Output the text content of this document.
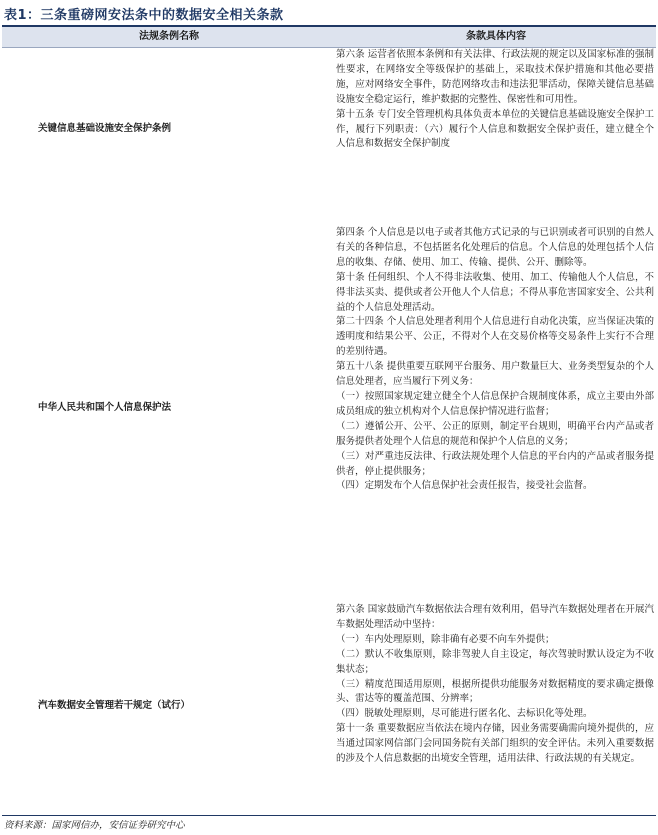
表1：三条重磅网安法条中的数据安全相关条款
法规条例名称	条款具体内容
关键信息基础设施安全保护条例

第六条 运营者依照本条例和有关法律、行政法规的规定以及国家标准的强制性要求，在网络安全等级保护的基础上，采取技术保护措施和其他必要措施，应对网络安全事件，防范网络攻击和违法犯罪活动，保障关键信息基础设施安全稳定运行，维护数据的完整性、保密性和可用性。

第十五条 专门安全管理机构具体负责本单位的关键信息基础设施安全保护工作，履行下列职责：（六）履行个人信息和数据安全保护责任，建立健全个人信息和数据安全保护制度

中华人民共和国个人信息保护法

第四条 个人信息是以电子或者其他方式记录的与已识别或者可识别的自然人有关的各种信息，不包括匿名化处理后的信息。个人信息的处理包括个人信息的收集、存储、使用、加工、传输、提供、公开、删除等。

第十条 任何组织、个人不得非法收集、使用、加工、传输他人个人信息，不得非法买卖、提供或者公开他人个人信息；不得从事危害国家安全、公共利益的个人信息处理活动。

第二十四条 个人信息处理者利用个人信息进行自动化决策，应当保证决策的透明度和结果公平、公正，不得对个人在交易价格等交易条件上实行不合理的差别待遇。

第五十八条 提供重要互联网平台服务、用户数量巨大、业务类型复杂的个人信息处理者，应当履行下列义务：

（一）按照国家规定建立健全个人信息保护合规制度体系，成立主要由外部成员组成的独立机构对个人信息保护情况进行监督；

（二）遵循公开、公平、公正的原则，制定平台规则，明确平台内产品或者服务提供者处理个人信息的规范和保护个人信息的义务；

（三）对严重违反法律、行政法规处理个人信息的平台内的产品或者服务提供者，停止提供服务；

（四）定期发布个人信息保护社会责任报告，接受社会监督。

汽车数据安全管理若干规定（试行）

第六条 国家鼓励汽车数据依法合理有效利用，倡导汽车数据处理者在开展汽车数据处理活动中坚持：

（一）车内处理原则，除非确有必要不向车外提供；

（二）默认不收集原则，除非驾驶人自主设定，每次驾驶时默认设定为不收集状态；

（三）精度范围适用原则，根据所提供功能服务对数据精度的要求确定摄像头、雷达等的覆盖范围、分辨率；

（四）脱敏处理原则，尽可能进行匿名化、去标识化等处理。

第十一条 重要数据应当依法在境内存储，因业务需要确需向境外提供的，应当通过国家网信部门会同国务院有关部门组织的安全评估。未列入重要数据的涉及个人信息数据的出境安全管理，适用法律、行政法规的有关规定。

资料来源：国家网信办，安信证券研究中心
